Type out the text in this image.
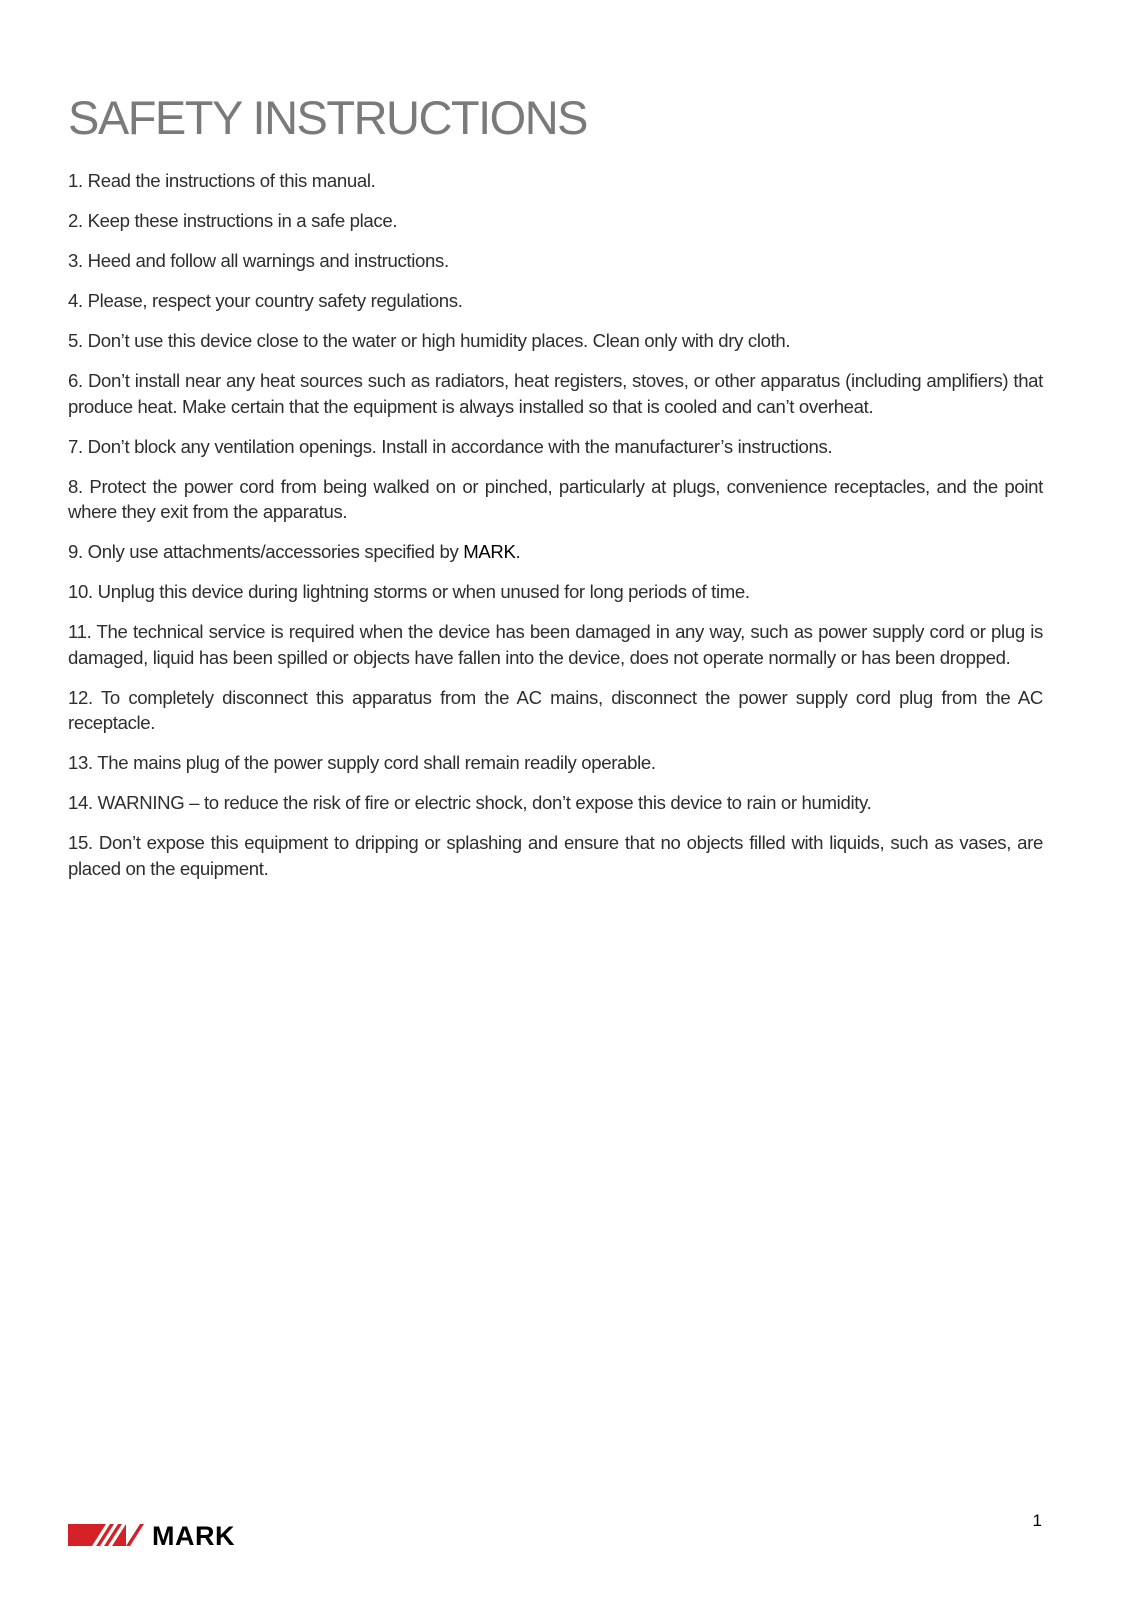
SAFETY INSTRUCTIONS
1. Read the instructions of this manual.
2. Keep these instructions in a safe place.
3. Heed and follow all warnings and instructions.
4. Please, respect your country safety regulations.
5. Don’t use this device close to the water or high humidity places. Clean only with dry cloth.
6. Don’t install near any heat sources such as radiators, heat registers, stoves, or other apparatus (including amplifiers) that produce heat. Make certain that the equipment is always installed so that is cooled and can’t overheat.
7. Don’t block any ventilation openings. Install in accordance with the manufacturer’s instructions.
8. Protect the power cord from being walked on or pinched, particularly at plugs, convenience receptacles, and the point where they exit from the apparatus.
9. Only use attachments/accessories specified by MARK.
10. Unplug this device during lightning storms or when unused for long periods of time.
11. The technical service is required when the device has been damaged in any way, such as power supply cord or plug is damaged, liquid has been spilled or objects have fallen into the device, does not operate normally or has been dropped.
12. To completely disconnect this apparatus from the AC mains, disconnect the power supply cord plug from the AC receptacle.
13. The mains plug of the power supply cord shall remain readily operable.
14. WARNING – to reduce the risk of fire or electric shock, don’t expose this device to rain or humidity.
15. Don’t expose this equipment to dripping or splashing and ensure that no objects filled with liquids, such as vases, are placed on the equipment.
MARK
1
